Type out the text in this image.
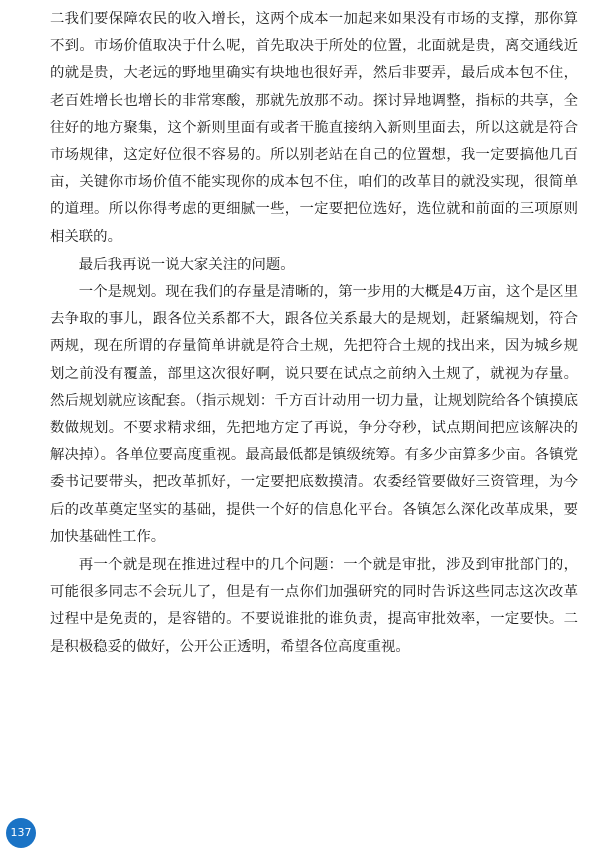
二我们要保障农民的收入增长，这两个成本一加起来如果没有市场的支撑，那你算不到。市场价值取决于什么呢，首先取决于所处的位置，北面就是贵，离交通线近的就是贵，大老远的野地里确实有块地也很好弄，然后非要弄，最后成本包不住，老百姓增长也增长的非常寒酸，那就先放那不动。探讨异地调整，指标的共享，全往好的地方聚集，这个新则里面有或者干脆直接纳入新则里面去，所以这就是符合市场规律，这定好位很不容易的。所以别老站在自己的位置想，我一定要搞他几百亩，关键你市场价值不能实现你的成本包不住，咱们的改革目的就没实现，很简单的道理。所以你得考虑的更细腻一些，一定要把位选好，选位就和前面的三项原则相关联的。

最后我再说一说大家关注的问题。

一个是规划。现在我们的存量是清晰的，第一步用的大概是4万亩，这个是区里去争取的事儿，跟各位关系都不大，跟各位关系最大的是规划，赶紧编规划，符合两规，现在所谓的存量简单讲就是符合土规，先把符合土规的找出来，因为城乡规划之前没有覆盖，部里这次很好啊，说只要在试点之前纳入土规了，就视为存量。然后规划就应该配套。（指示规划：千方百计动用一切力量，让规划院给各个镇摸底数做规划。不要求精求细，先把地方定了再说，争分夺秒，试点期间把应该解决的解决掉）。各单位要高度重视。最高最低都是镇级统筹。有多少亩算多少亩。各镇党委书记要带头，把改革抓好，一定要把底数摸清。农委经管要做好三资管理，为今后的改革奠定坚实的基础，提供一个好的信息化平台。各镇怎么深化改革成果，要加快基础性工作。

再一个就是现在推进过程中的几个问题：一个就是审批，涉及到审批部门的，可能很多同志不会玩儿了，但是有一点你们加强研究的同时告诉这些同志这次改革过程中是免责的，是容错的。不要说谁批的谁负责，提高审批效率，一定要快。二是积极稳妥的做好，公开公正透明，希望各位高度重视。

137
